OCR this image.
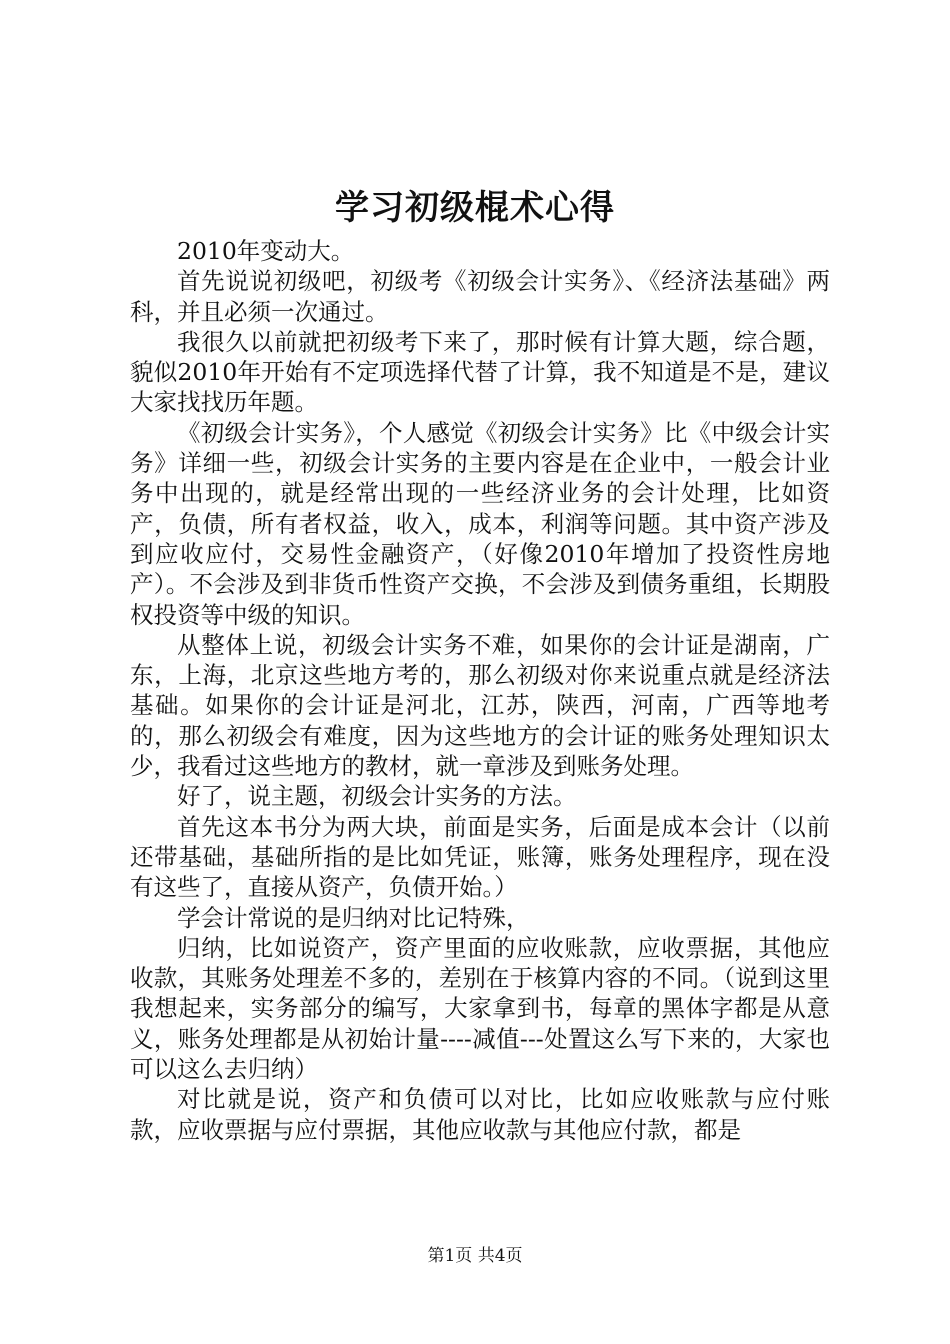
学习初级棍术心得

2010年变动大。

首先说说初级吧，初级考《初级会计实务》、《经济法基础》两科，并且必须一次通过。

我很久以前就把初级考下来了，那时候有计算大题，综合题，貌似2010年开始有不定项选择代替了计算，我不知道是不是，建议大家找找历年题。

《初级会计实务》，个人感觉《初级会计实务》比《中级会计实务》详细一些，初级会计实务的主要内容是在企业中，一般会计业务中出现的，就是经常出现的一些经济业务的会计处理，比如资产，负债，所有者权益，收入，成本，利润等问题。其中资产涉及到应收应付，交易性金融资产，（好像2010年增加了投资性房地产）。不会涉及到非货币性资产交换，不会涉及到债务重组，长期股权投资等中级的知识。

从整体上说，初级会计实务不难，如果你的会计证是湖南，广东，上海，北京这些地方考的，那么初级对你来说重点就是经济法基础。如果你的会计证是河北，江苏，陕西，河南，广西等地考的，那么初级会有难度，因为这些地方的会计证的账务处理知识太少，我看过这些地方的教材，就一章涉及到账务处理。

好了，说主题，初级会计实务的方法。

首先这本书分为两大块，前面是实务，后面是成本会计（以前还带基础，基础所指的是比如凭证，账簿，账务处理程序，现在没有这些了，直接从资产，负债开始。）

学会计常说的是归纳对比记特殊，

归纳，比如说资产，资产里面的应收账款，应收票据，其他应收款，其账务处理差不多的，差别在于核算内容的不同。（说到这里我想起来，实务部分的编写，大家拿到书，每章的黑体字都是从意义，账务处理都是从初始计量----减值---处置这么写下来的，大家也可以这么去归纳）

对比就是说，资产和负债可以对比，比如应收账款与应付账款，应收票据与应付票据，其他应收款与其他应付款，都是

第1页 共4页
